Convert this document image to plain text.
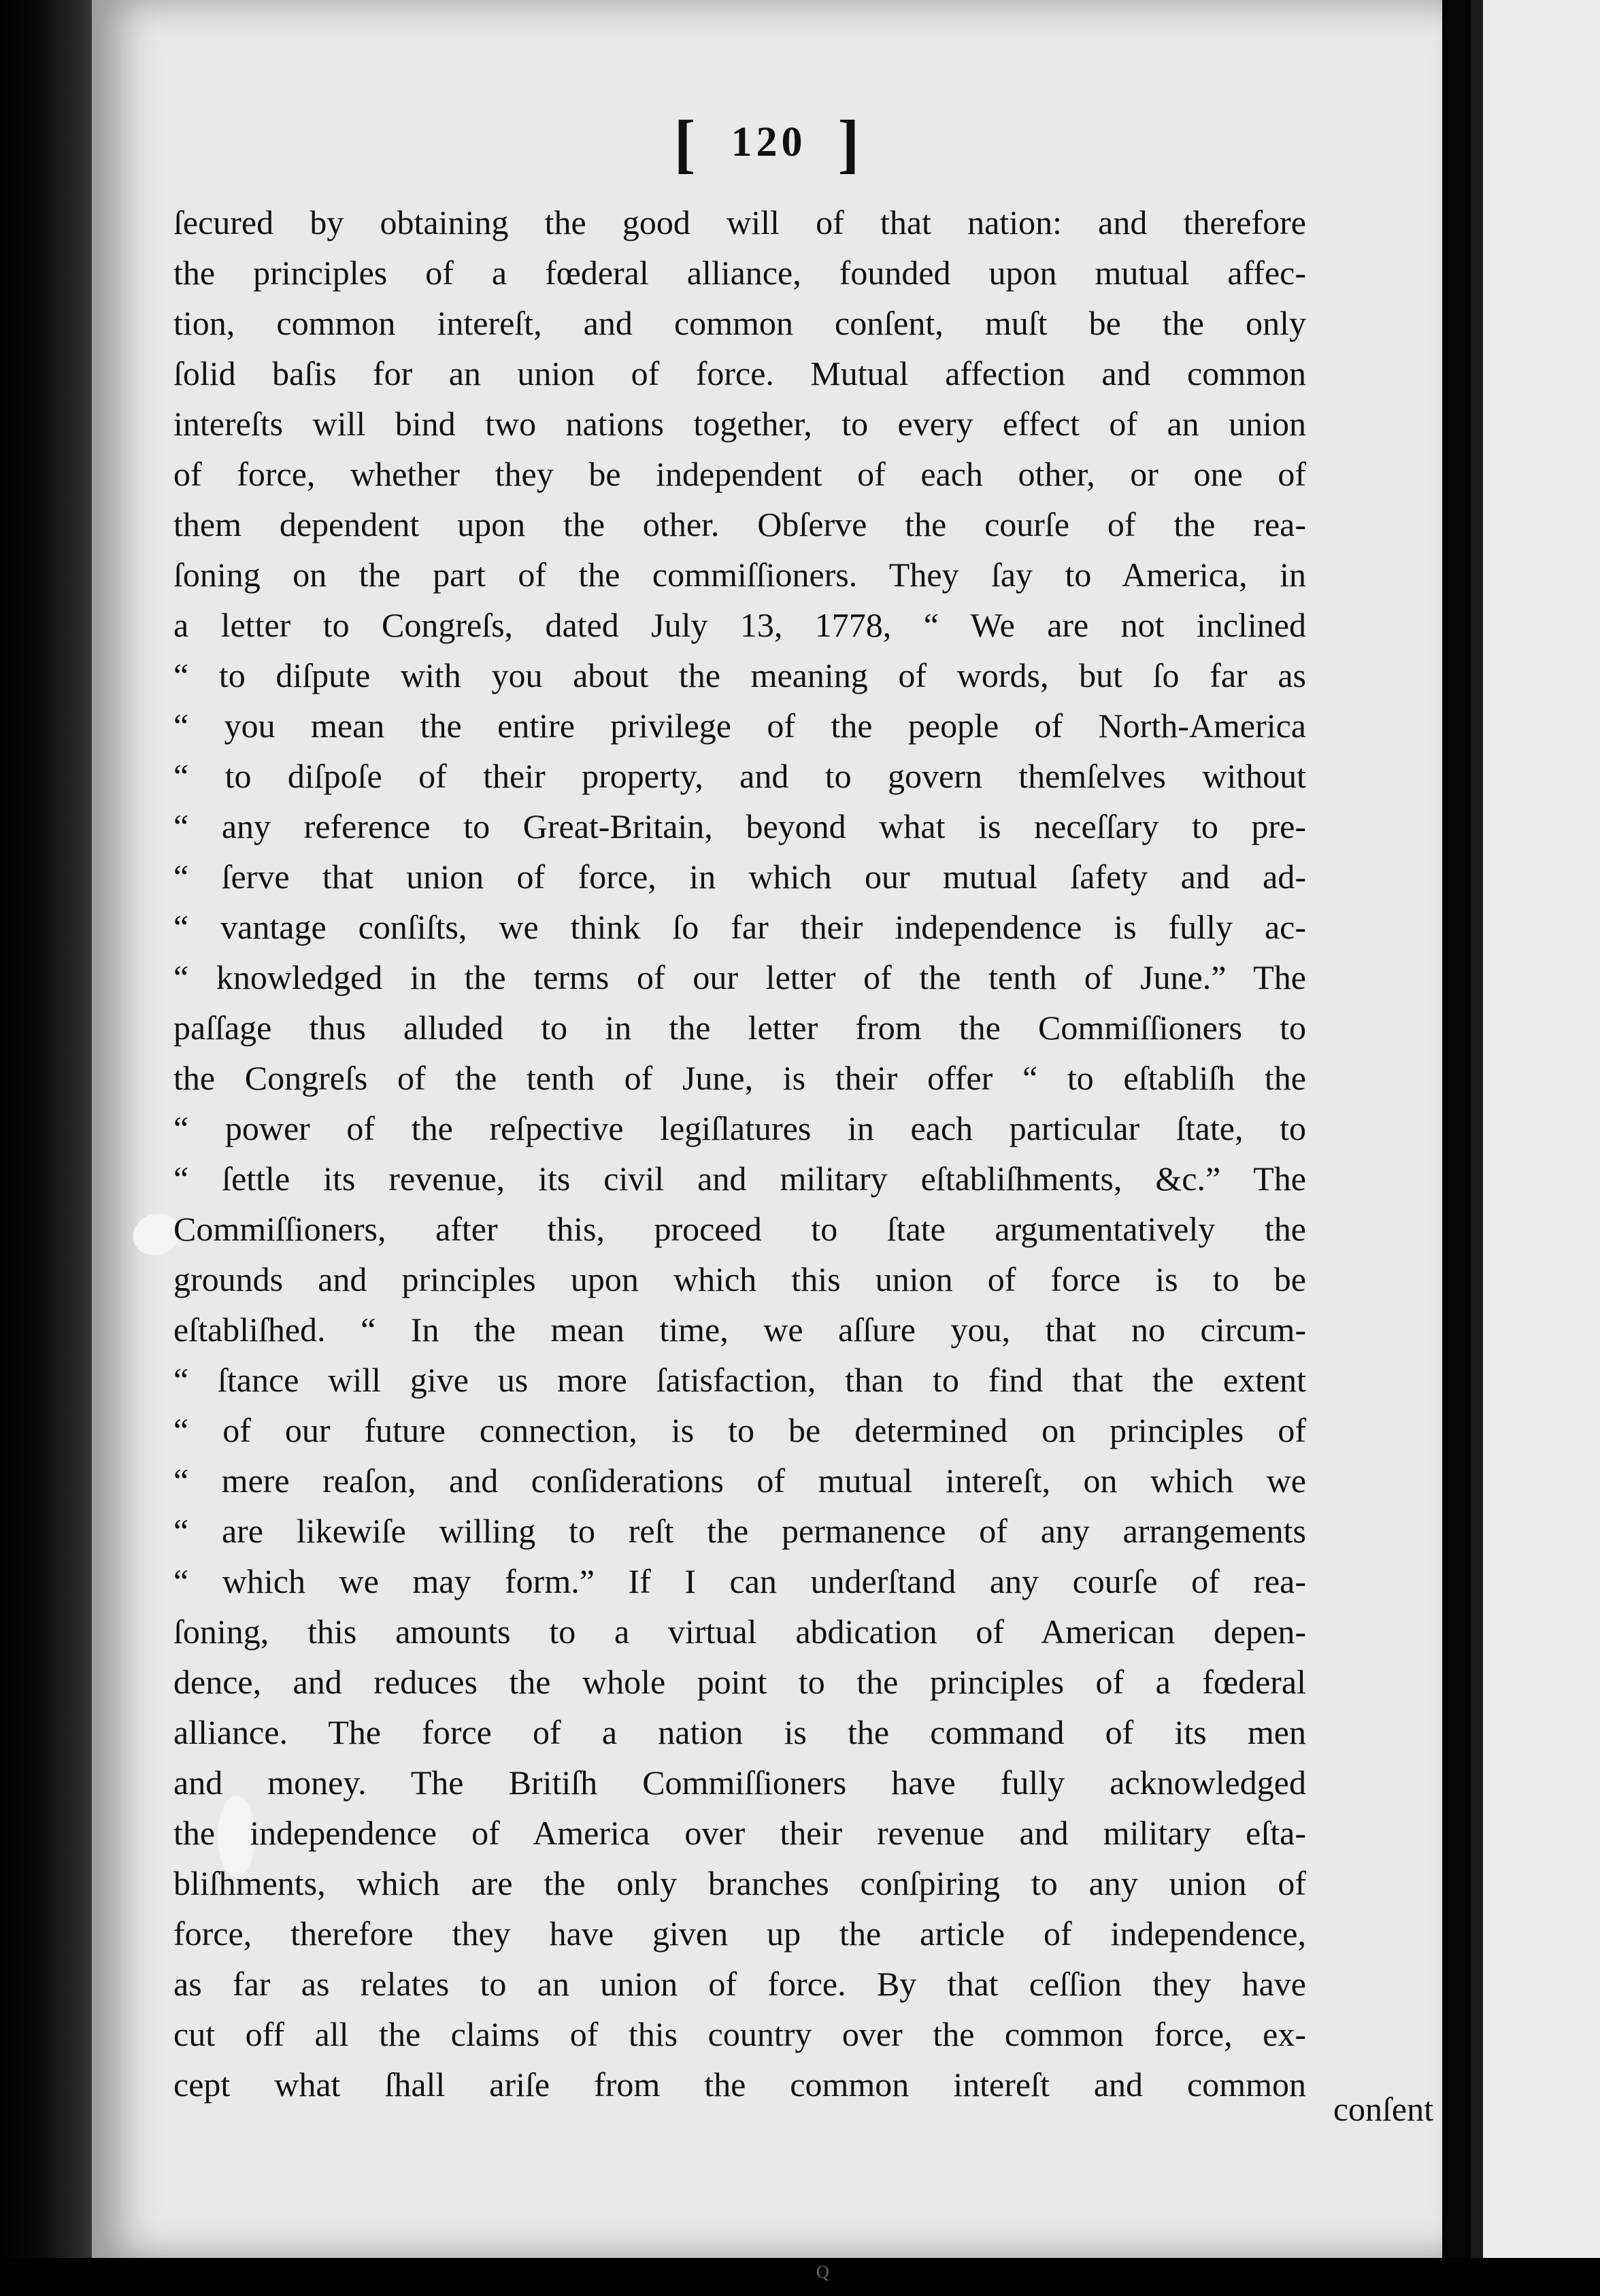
[ 120 ]
ſecured by obtaining the good will of that nation: and therefore
the principles of a fœderal alliance, founded upon mutual affec-
tion, common intereſt, and common conſent, muſt be the only
ſolid baſis for an union of force. Mutual affection and common
intereſts will bind two nations together, to every effect of an union
of force, whether they be independent of each other, or one of
them dependent upon the other. Obſerve the courſe of the rea-
ſoning on the part of the commiſſioners. They ſay to America, in
a letter to Congreſs, dated July 13, 1778, “ We are not inclined
“ to diſpute with you about the meaning of words, but ſo far as
“ you mean the entire privilege of the people of North-America
“ to diſpoſe of their property, and to govern themſelves without
“ any reference to Great-Britain, beyond what is neceſſary to pre-
“ ſerve that union of force, in which our mutual ſafety and ad-
“ vantage conſiſts, we think ſo far their independence is fully ac-
“ knowledged in the terms of our letter of the tenth of June.” The
paſſage thus alluded to in the letter from the Commiſſioners to
the Congreſs of the tenth of June, is their offer “ to eſtabliſh the
“ power of the reſpective legiſlatures in each particular ſtate, to
“ ſettle its revenue, its civil and military eſtabliſhments, &c.” The
Commiſſioners, after this, proceed to ſtate argumentatively the
grounds and principles upon which this union of force is to be
eſtabliſhed. “ In the mean time, we aſſure you, that no circum-
“ ſtance will give us more ſatisfaction, than to find that the extent
“ of our future connection, is to be determined on principles of
“ mere reaſon, and conſiderations of mutual intereſt, on which we
“ are likewiſe willing to reſt the permanence of any arrangements
“ which we may form.” If I can underſtand any courſe of rea-
ſoning, this amounts to a virtual abdication of American depen-
dence, and reduces the whole point to the principles of a fœderal
alliance. The force of a nation is the command of its men
and money. The Britiſh Commiſſioners have fully acknowledged
the independence of America over their revenue and military eſta-
bliſhments, which are the only branches conſpiring to any union of
force, therefore they have given up the article of independence,
as far as relates to an union of force. By that ceſſion they have
cut off all the claims of this country over the common force, ex-
cept what ſhall ariſe from the common intereſt and common
conſent
Q
